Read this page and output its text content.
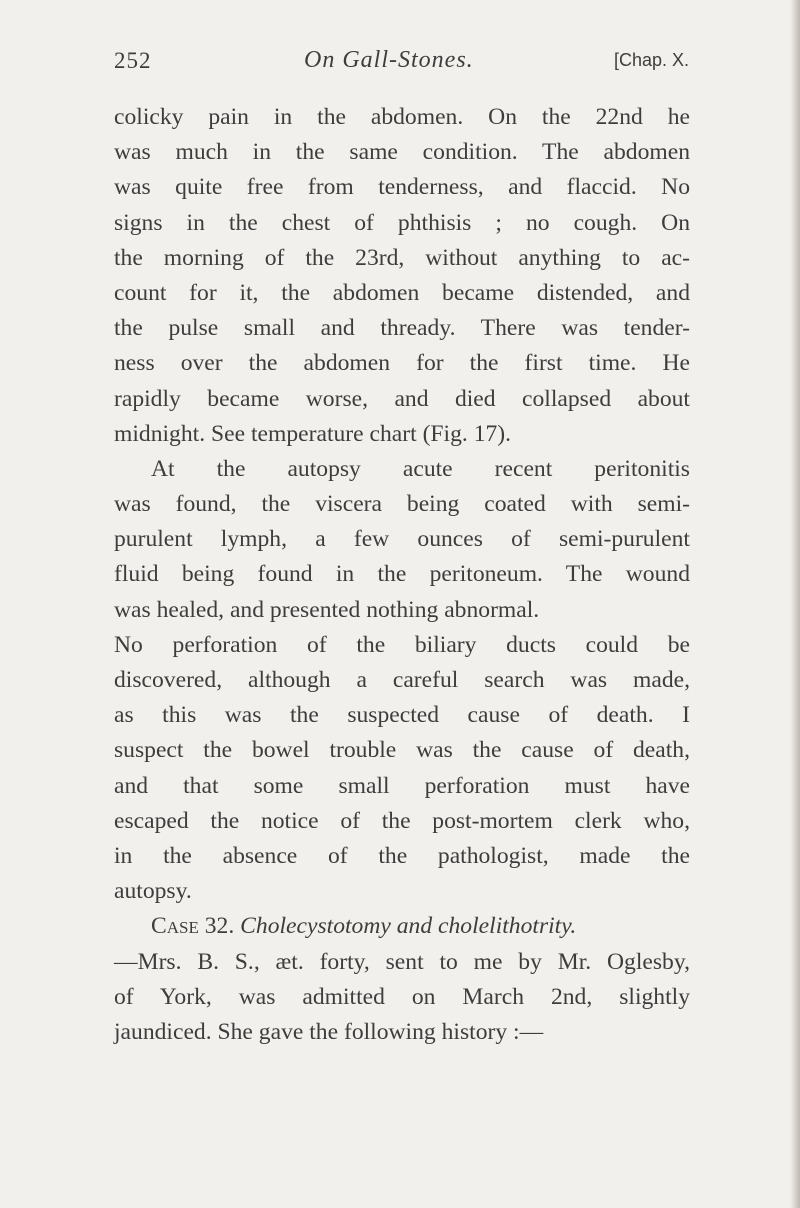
252	On Gall-Stones.	[Chap. X.
colicky pain in the abdomen. On the 22nd he
was much in the same condition. The abdomen
was quite free from tenderness, and flaccid. No
signs in the chest of phthisis ; no cough. On
the morning of the 23rd, without anything to ac-
count for it, the abdomen became distended, and
the pulse small and thready. There was tender-
ness over the abdomen for the first time. He
rapidly became worse, and died collapsed about
midnight. See temperature chart (Fig. 17).
At the autopsy acute recent peritonitis
was found, the viscera being coated with semi-
purulent lymph, a few ounces of semi-purulent
fluid being found in the peritoneum. The wound
was healed, and presented nothing abnormal.
No perforation of the biliary ducts could be
discovered, although a careful search was made,
as this was the suspected cause of death. I
suspect the bowel trouble was the cause of death,
and that some small perforation must have
escaped the notice of the post-mortem clerk who,
in the absence of the pathologist, made the
autopsy.
Case 32. Cholecystotomy and cholelithotrity.
—Mrs. B. S., æt. forty, sent to me by Mr. Oglesby,
of York, was admitted on March 2nd, slightly
jaundiced. She gave the following history :—
